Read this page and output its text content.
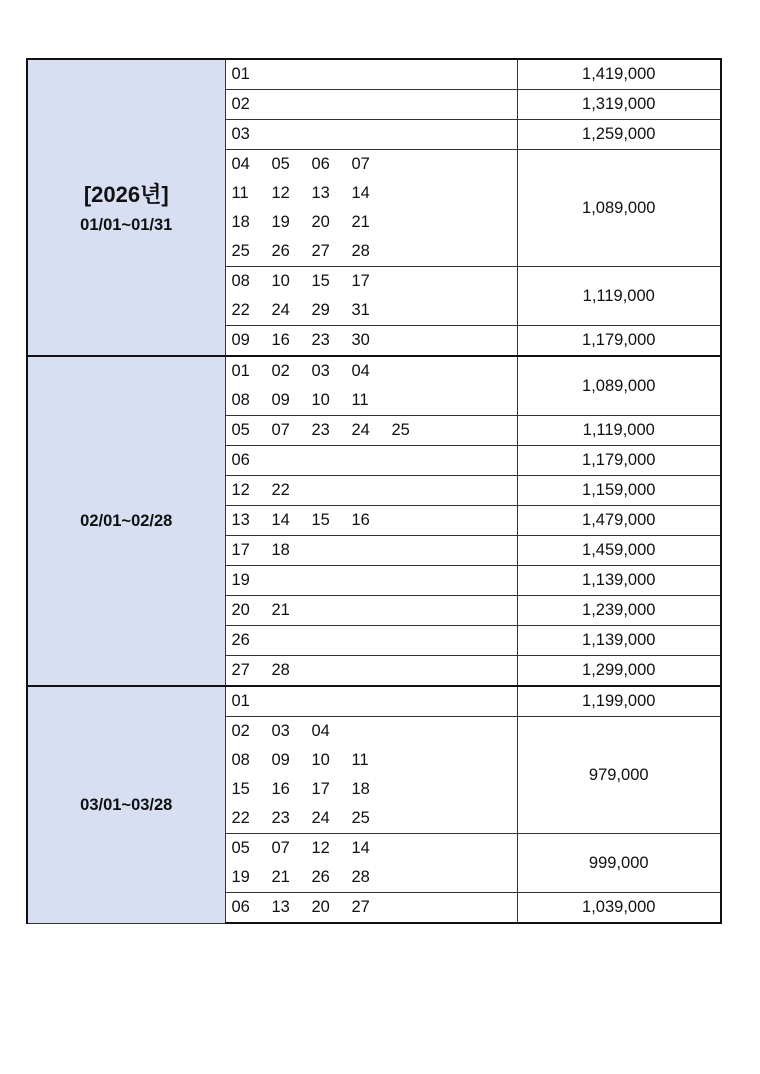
[2026년]
01/01~01/31	01	1,419,000

	02	1,319,000

	03	1,259,000

	04 05 06 07
11 12 13 14
18 19 20 21
25 26 27 28	1,089,000

	08 10 15 17
22 24 29 31	1,119,000

	09 16 23 30	1,179,000

02/01~02/28	01 02 03 04
08 09 10 11	1,089,000

	05 07 23 24 25	1,119,000

	06	1,179,000

	12 22	1,159,000

	13 14 15 16	1,479,000

	17 18	1,459,000

	19	1,139,000

	20 21	1,239,000

	26	1,139,000

	27 28	1,299,000

03/01~03/28	01	1,199,000

	02 03 04
08 09 10 11
15 16 17 18
22 23 24 25	979,000

	05 07 12 14
19 21 26 28	999,000

	06 13 20 27	1,039,000
